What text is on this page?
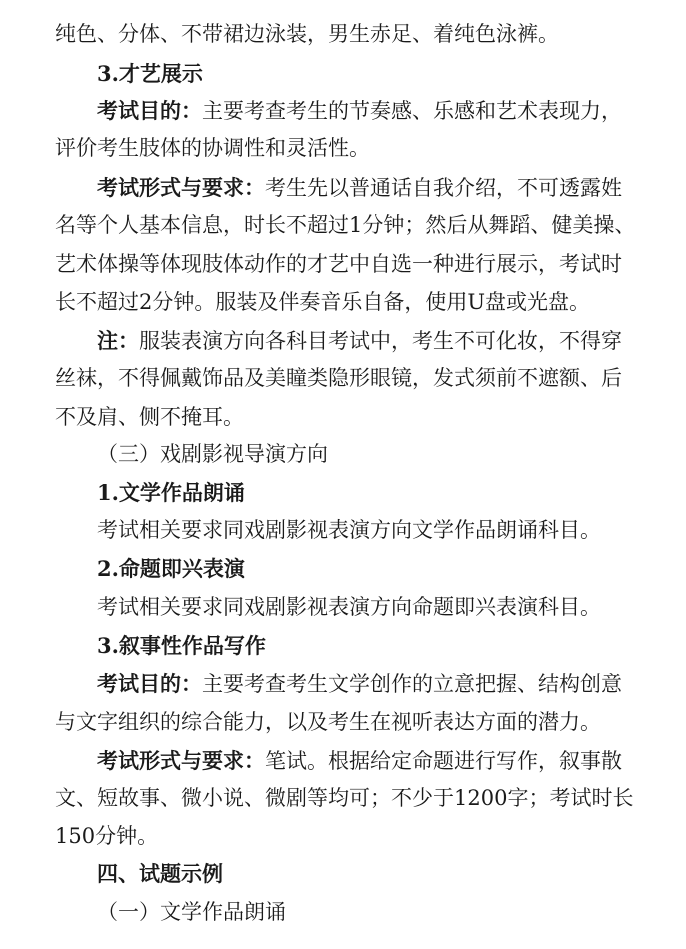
纯色、分体、不带裙边泳装，男生赤足、着纯色泳裤。
3.才艺展示
考试目的：主要考查考生的节奏感、乐感和艺术表现力，
评价考生肢体的协调性和灵活性。
考试形式与要求：考生先以普通话自我介绍，不可透露姓
名等个人基本信息，时长不超过1分钟；然后从舞蹈、健美操、
艺术体操等体现肢体动作的才艺中自选一种进行展示，考试时
长不超过2分钟。服装及伴奏音乐自备，使用U盘或光盘。
注：服装表演方向各科目考试中，考生不可化妆，不得穿
丝袜，不得佩戴饰品及美瞳类隐形眼镜，发式须前不遮额、后
不及肩、侧不掩耳。
（三）戏剧影视导演方向
1.文学作品朗诵
考试相关要求同戏剧影视表演方向文学作品朗诵科目。
2.命题即兴表演
考试相关要求同戏剧影视表演方向命题即兴表演科目。
3.叙事性作品写作
考试目的：主要考查考生文学创作的立意把握、结构创意
与文字组织的综合能力，以及考生在视听表达方面的潜力。
考试形式与要求：笔试。根据给定命题进行写作，叙事散
文、短故事、微小说、微剧等均可；不少于1200字；考试时长
150分钟。
四、试题示例
（一）文学作品朗诵
